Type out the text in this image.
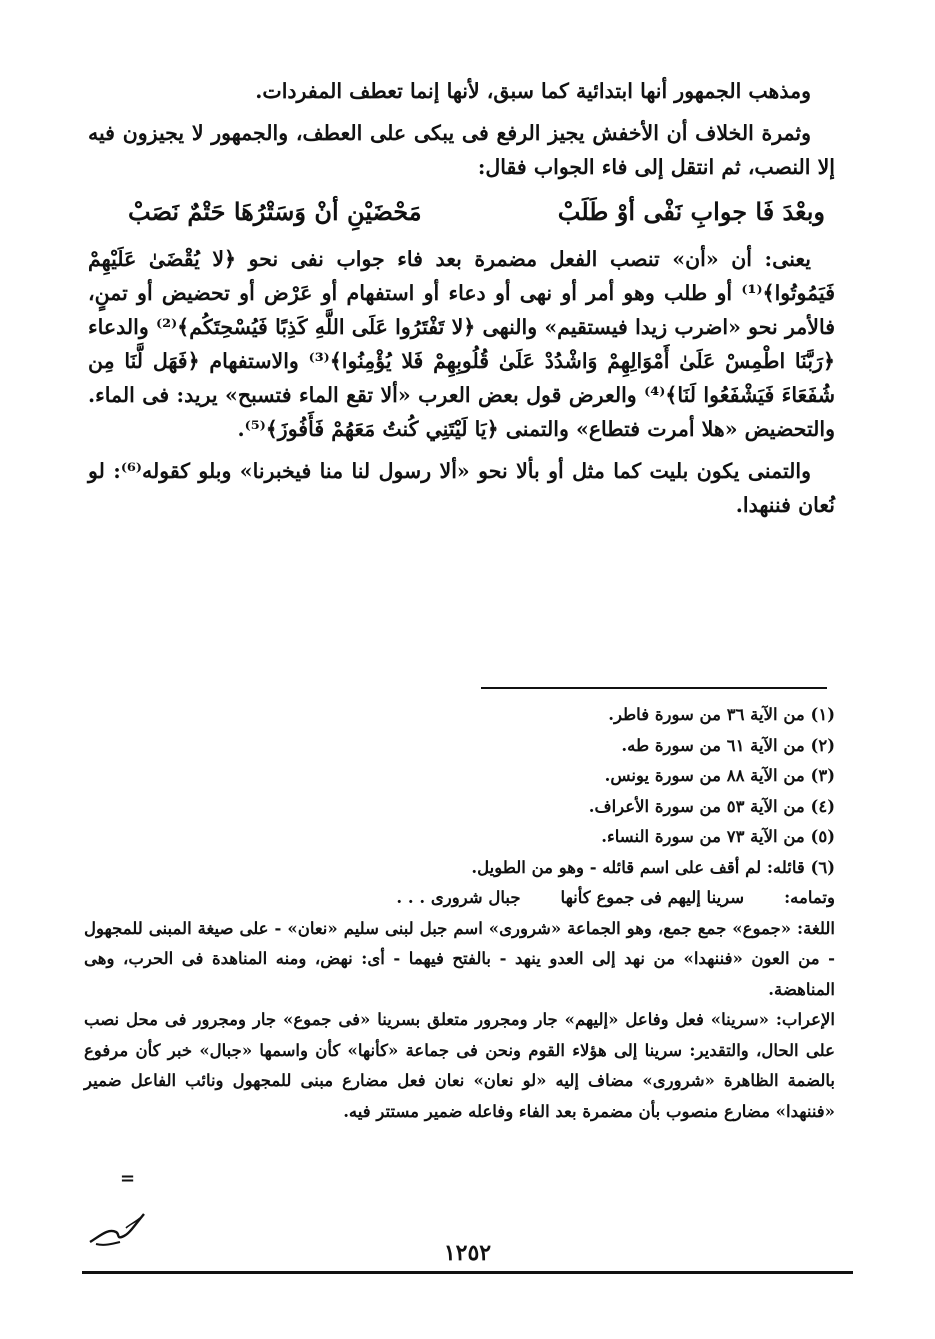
ومذهب الجمهور أنها ابتدائية كما سبق، لأنها إنما تعطف المفردات.

وثمرة الخلاف أن الأخفش يجيز الرفع فى يبكى على العطف، والجمهور لا يجيزون فيه إلا النصب، ثم انتقل إلى فاء الجواب فقال:

وبعْدَ فَا جوابِ نَفْى أوْ طَلَبْ
مَحْضَيْنِ أنْ وَسَتْرُهَا حَتْمٌ نَصَبْ

يعنى: أن «أن» تنصب الفعل مضمرة بعد فاء جواب نفى نحو ﴿لا يُقْضَىٰ عَلَيْهِمْ فَيَمُوتُوا﴾⁽¹⁾ أو طلب وهو أمر أو نهى أو دعاء أو استفهام أو عَرْض أو تحضيض أو تمنٍ، فالأمر نحو «اضرب زيدا فيستقيم» والنهى ﴿لا تَفْتَرُوا عَلَى اللَّهِ كَذِبًا فَيُسْحِتَكُم﴾⁽²⁾ والدعاء ﴿رَبَّنَا اطْمِسْ عَلَىٰ أَمْوَالِهِمْ وَاشْدُدْ عَلَىٰ قُلُوبِهِمْ فَلا يُؤْمِنُوا﴾⁽³⁾ والاستفهام ﴿فَهَل لَّنَا مِن شُفَعَاءَ فَيَشْفَعُوا لَنَا﴾⁽⁴⁾ والعرض قول بعض العرب «ألا تقع الماء فتسبح» يريد: فى الماء. والتحضيض «هلا أمرت فتطاع» والتمنى ﴿يَا لَيْتَنِي كُنتُ مَعَهُمْ فَأَفُوزَ﴾⁽⁵⁾.

والتمنى يكون بليت كما مثل أو بألا نحو «ألا رسول لنا منا فيخبرنا» وبلو كقوله⁽⁶⁾: لو نُعان فننهدا.

(١) من الآية ٣٦ من سورة فاطر.

(٢) من الآية ٦١ من سورة طه.

(٣) من الآية ٨٨ من سورة يونس.

(٤) من الآية ٥٣ من سورة الأعراف.

(٥) من الآية ٧٣ من سورة النساء.

(٦) قائله: لم أقف على اسم قائله - وهو من الطويل.

وتمامه:
سرينا إليهم فى جموع كأنها
جبال شرورى . . .

اللغة: «جموع» جمع جمع، وهو الجماعة «شرورى» اسم جبل لبنى سليم «نعان» - على صيغة المبنى للمجهول - من العون «فننهدا» من نهد إلى العدو ينهد - بالفتح فيهما - أى: نهض، ومنه المناهدة فى الحرب، وهى المناهضة.

الإعراب: «سرينا» فعل وفاعل «إليهم» جار ومجرور متعلق بسرينا «فى جموع» جار ومجرور فى محل نصب على الحال، والتقدير: سرينا إلى هؤلاء القوم ونحن فى جماعة «كأنها» كأن واسمها «جبال» خبر كأن مرفوع بالضمة الظاهرة «شرورى» مضاف إليه «لو نعان» نعان فعل مضارع مبنى للمجهول ونائب الفاعل ضمير «فننهدا» مضارع منصوب بأن مضمرة بعد الفاء وفاعله ضمير مستتر فيه.

=
١٢٥٢
